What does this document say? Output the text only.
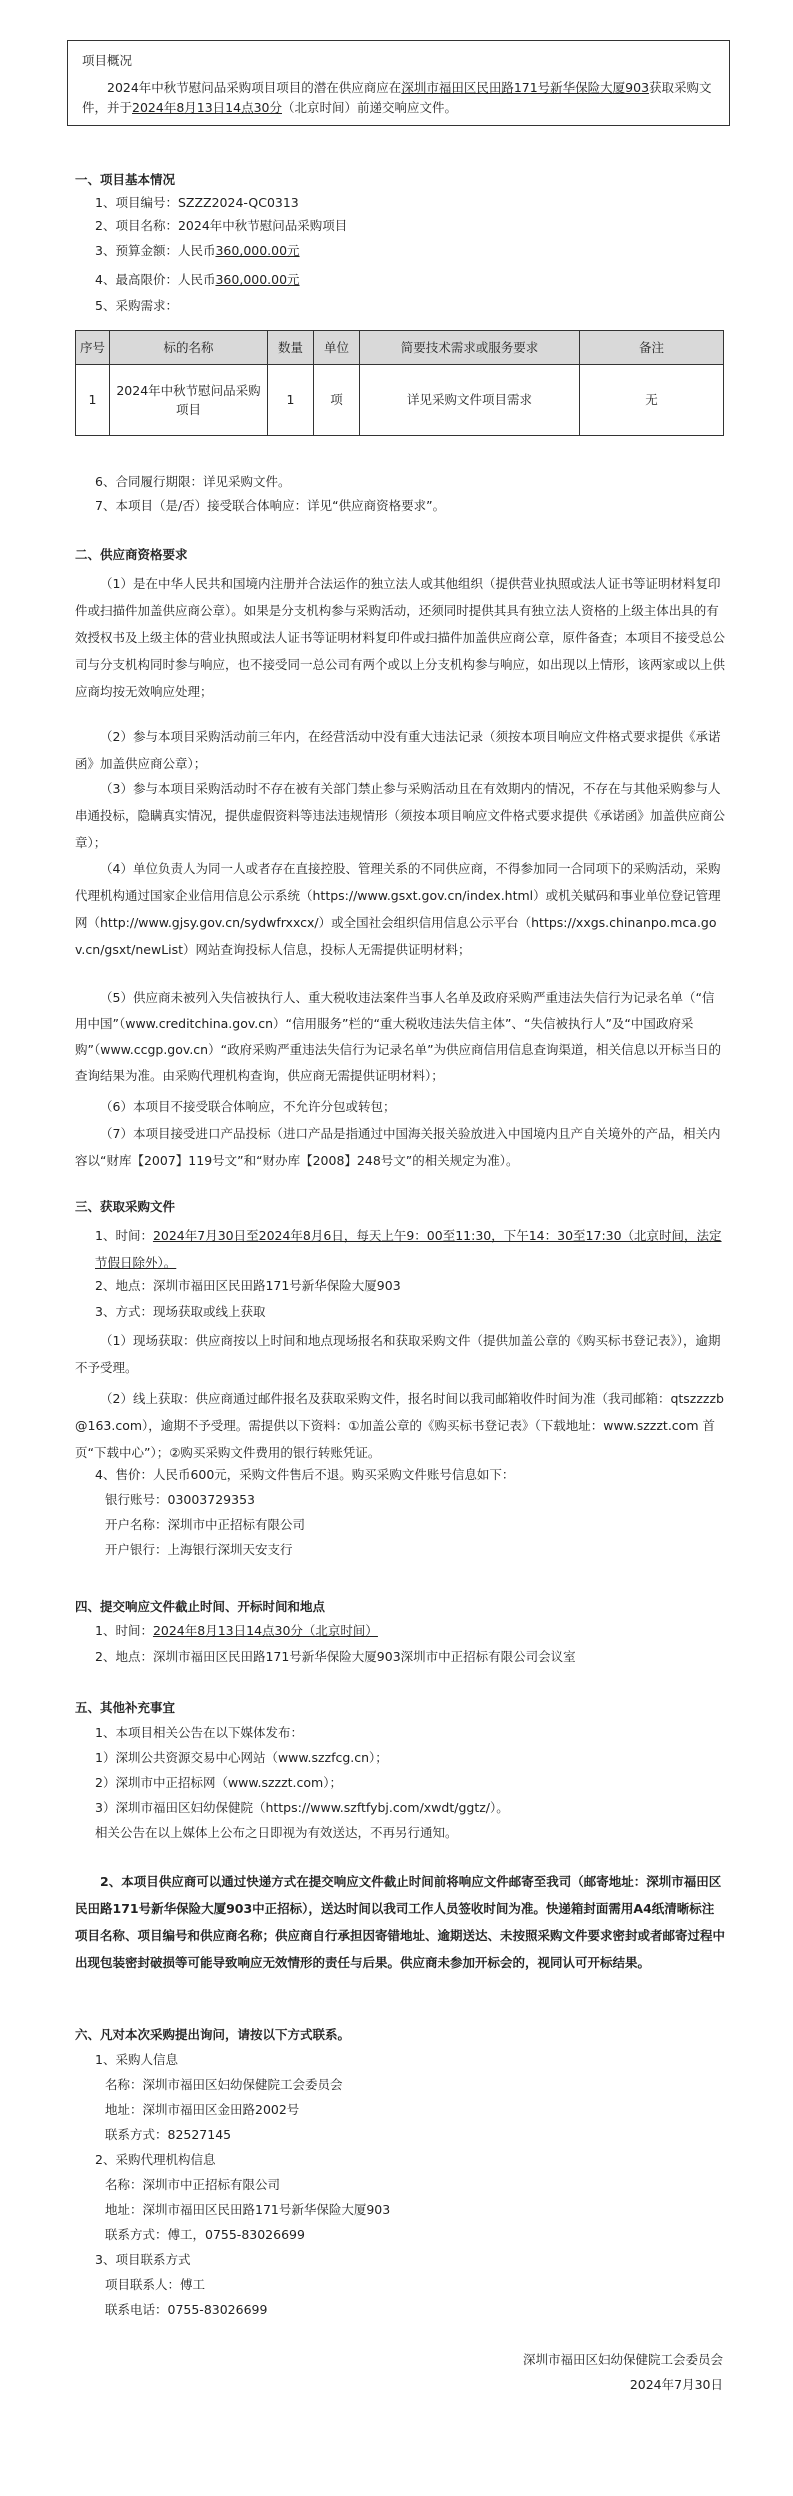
项目概况
2024年中秋节慰问品采购项目项目的潜在供应商应在深圳市福田区民田路171号新华保险大厦903获取采购文件，并于2024年8月13日14点30分（北京时间）前递交响应文件。
一、项目基本情况
1、项目编号：SZZZ2024-QC0313
2、项目名称：2024年中秋节慰问品采购项目
3、预算金额：人民币360,000.00元
4、最高限价：人民币360,000.00元
5、采购需求：
序号	标的名称	数量	单位	简要技术需求或服务要求	备注
1	2024年中秋节慰问品采购项目	1	项	详见采购文件项目需求	无
6、合同履行期限：详见采购文件。
7、本项目（是/否）接受联合体响应：详见“供应商资格要求”。
二、供应商资格要求
（1）是在中华人民共和国境内注册并合法运作的独立法人或其他组织（提供营业执照或法人证书等证明材料复印件或扫描件加盖供应商公章）。如果是分支机构参与采购活动，还须同时提供其具有独立法人资格的上级主体出具的有效授权书及上级主体的营业执照或法人证书等证明材料复印件或扫描件加盖供应商公章，原件备查；本项目不接受总公司与分支机构同时参与响应，也不接受同一总公司有两个或以上分支机构参与响应，如出现以上情形，该两家或以上供应商均按无效响应处理；
（2）参与本项目采购活动前三年内，在经营活动中没有重大违法记录（须按本项目响应文件格式要求提供《承诺函》加盖供应商公章）；
（3）参与本项目采购活动时不存在被有关部门禁止参与采购活动且在有效期内的情况，不存在与其他采购参与人串通投标，隐瞒真实情况，提供虚假资料等违法违规情形（须按本项目响应文件格式要求提供《承诺函》加盖供应商公章）；
（4）单位负责人为同一人或者存在直接控股、管理关系的不同供应商，不得参加同一合同项下的采购活动，采购代理机构通过国家企业信用信息公示系统（https://www.gsxt.gov.cn/index.html）或机关赋码和事业单位登记管理网（http://www.gjsy.gov.cn/sydwfrxxcx/）或全国社会组织信用信息公示平台（https://xxgs.chinanpo.mca.gov.cn/gsxt/newList）网站查询投标人信息，投标人无需提供证明材料；
（5）供应商未被列入失信被执行人、重大税收违法案件当事人名单及政府采购严重违法失信行为记录名单（“信用中国”（www.creditchina.gov.cn）“信用服务”栏的“重大税收违法失信主体”、“失信被执行人”及“中国政府采购”（www.ccgp.gov.cn）“政府采购严重违法失信行为记录名单”为供应商信用信息查询渠道，相关信息以开标当日的查询结果为准。由采购代理机构查询，供应商无需提供证明材料）；
（6）本项目不接受联合体响应，不允许分包或转包；
（7）本项目接受进口产品投标（进口产品是指通过中国海关报关验放进入中国境内且产自关境外的产品，相关内容以“财库【2007】119号文”和“财办库【2008】248号文”的相关规定为准）。
三、获取采购文件
1、时间：2024年7月30日至2024年8月6日，每天上午9：00至11:30，下午14：30至17:30（北京时间，法定节假日除外）。
2、地点：深圳市福田区民田路171号新华保险大厦903
3、方式：现场获取或线上获取
（1）现场获取：供应商按以上时间和地点现场报名和获取采购文件（提供加盖公章的《购买标书登记表》），逾期不予受理。
（2）线上获取：供应商通过邮件报名及获取采购文件，报名时间以我司邮箱收件时间为准（我司邮箱：qtszzzzb@163.com），逾期不予受理。需提供以下资料：①加盖公章的《购买标书登记表》（下载地址：www.szzzt.com 首页“下载中心”）；②购买采购文件费用的银行转账凭证。
4、售价：人民币600元，采购文件售后不退。购买采购文件账号信息如下：
银行账号：03003729353
开户名称：深圳市中正招标有限公司
开户银行：上海银行深圳天安支行
四、提交响应文件截止时间、开标时间和地点
1、时间：2024年8月13日14点30分（北京时间）
2、地点：深圳市福田区民田路171号新华保险大厦903深圳市中正招标有限公司会议室
五、其他补充事宜
1、本项目相关公告在以下媒体发布：
1）深圳公共资源交易中心网站（www.szzfcg.cn）；
2）深圳市中正招标网（www.szzzt.com）；
3）深圳市福田区妇幼保健院（https://www.szftfybj.com/xwdt/ggtz/）。
相关公告在以上媒体上公布之日即视为有效送达，不再另行通知。
2、本项目供应商可以通过快递方式在提交响应文件截止时间前将响应文件邮寄至我司（邮寄地址：深圳市福田区民田路171号新华保险大厦903中正招标），送达时间以我司工作人员签收时间为准。快递箱封面需用A4纸清晰标注项目名称、项目编号和供应商名称；供应商自行承担因寄错地址、逾期送达、未按照采购文件要求密封或者邮寄过程中出现包装密封破损等可能导致响应无效情形的责任与后果。供应商未参加开标会的，视同认可开标结果。
六、凡对本次采购提出询问，请按以下方式联系。
1、采购人信息
名称：深圳市福田区妇幼保健院工会委员会
地址：深圳市福田区金田路2002号
联系方式：82527145
2、采购代理机构信息
名称：深圳市中正招标有限公司
地址：深圳市福田区民田路171号新华保险大厦903
联系方式：傅工，0755-83026699
3、项目联系方式
项目联系人：傅工
联系电话：0755-83026699
深圳市福田区妇幼保健院工会委员会
2024年7月30日
